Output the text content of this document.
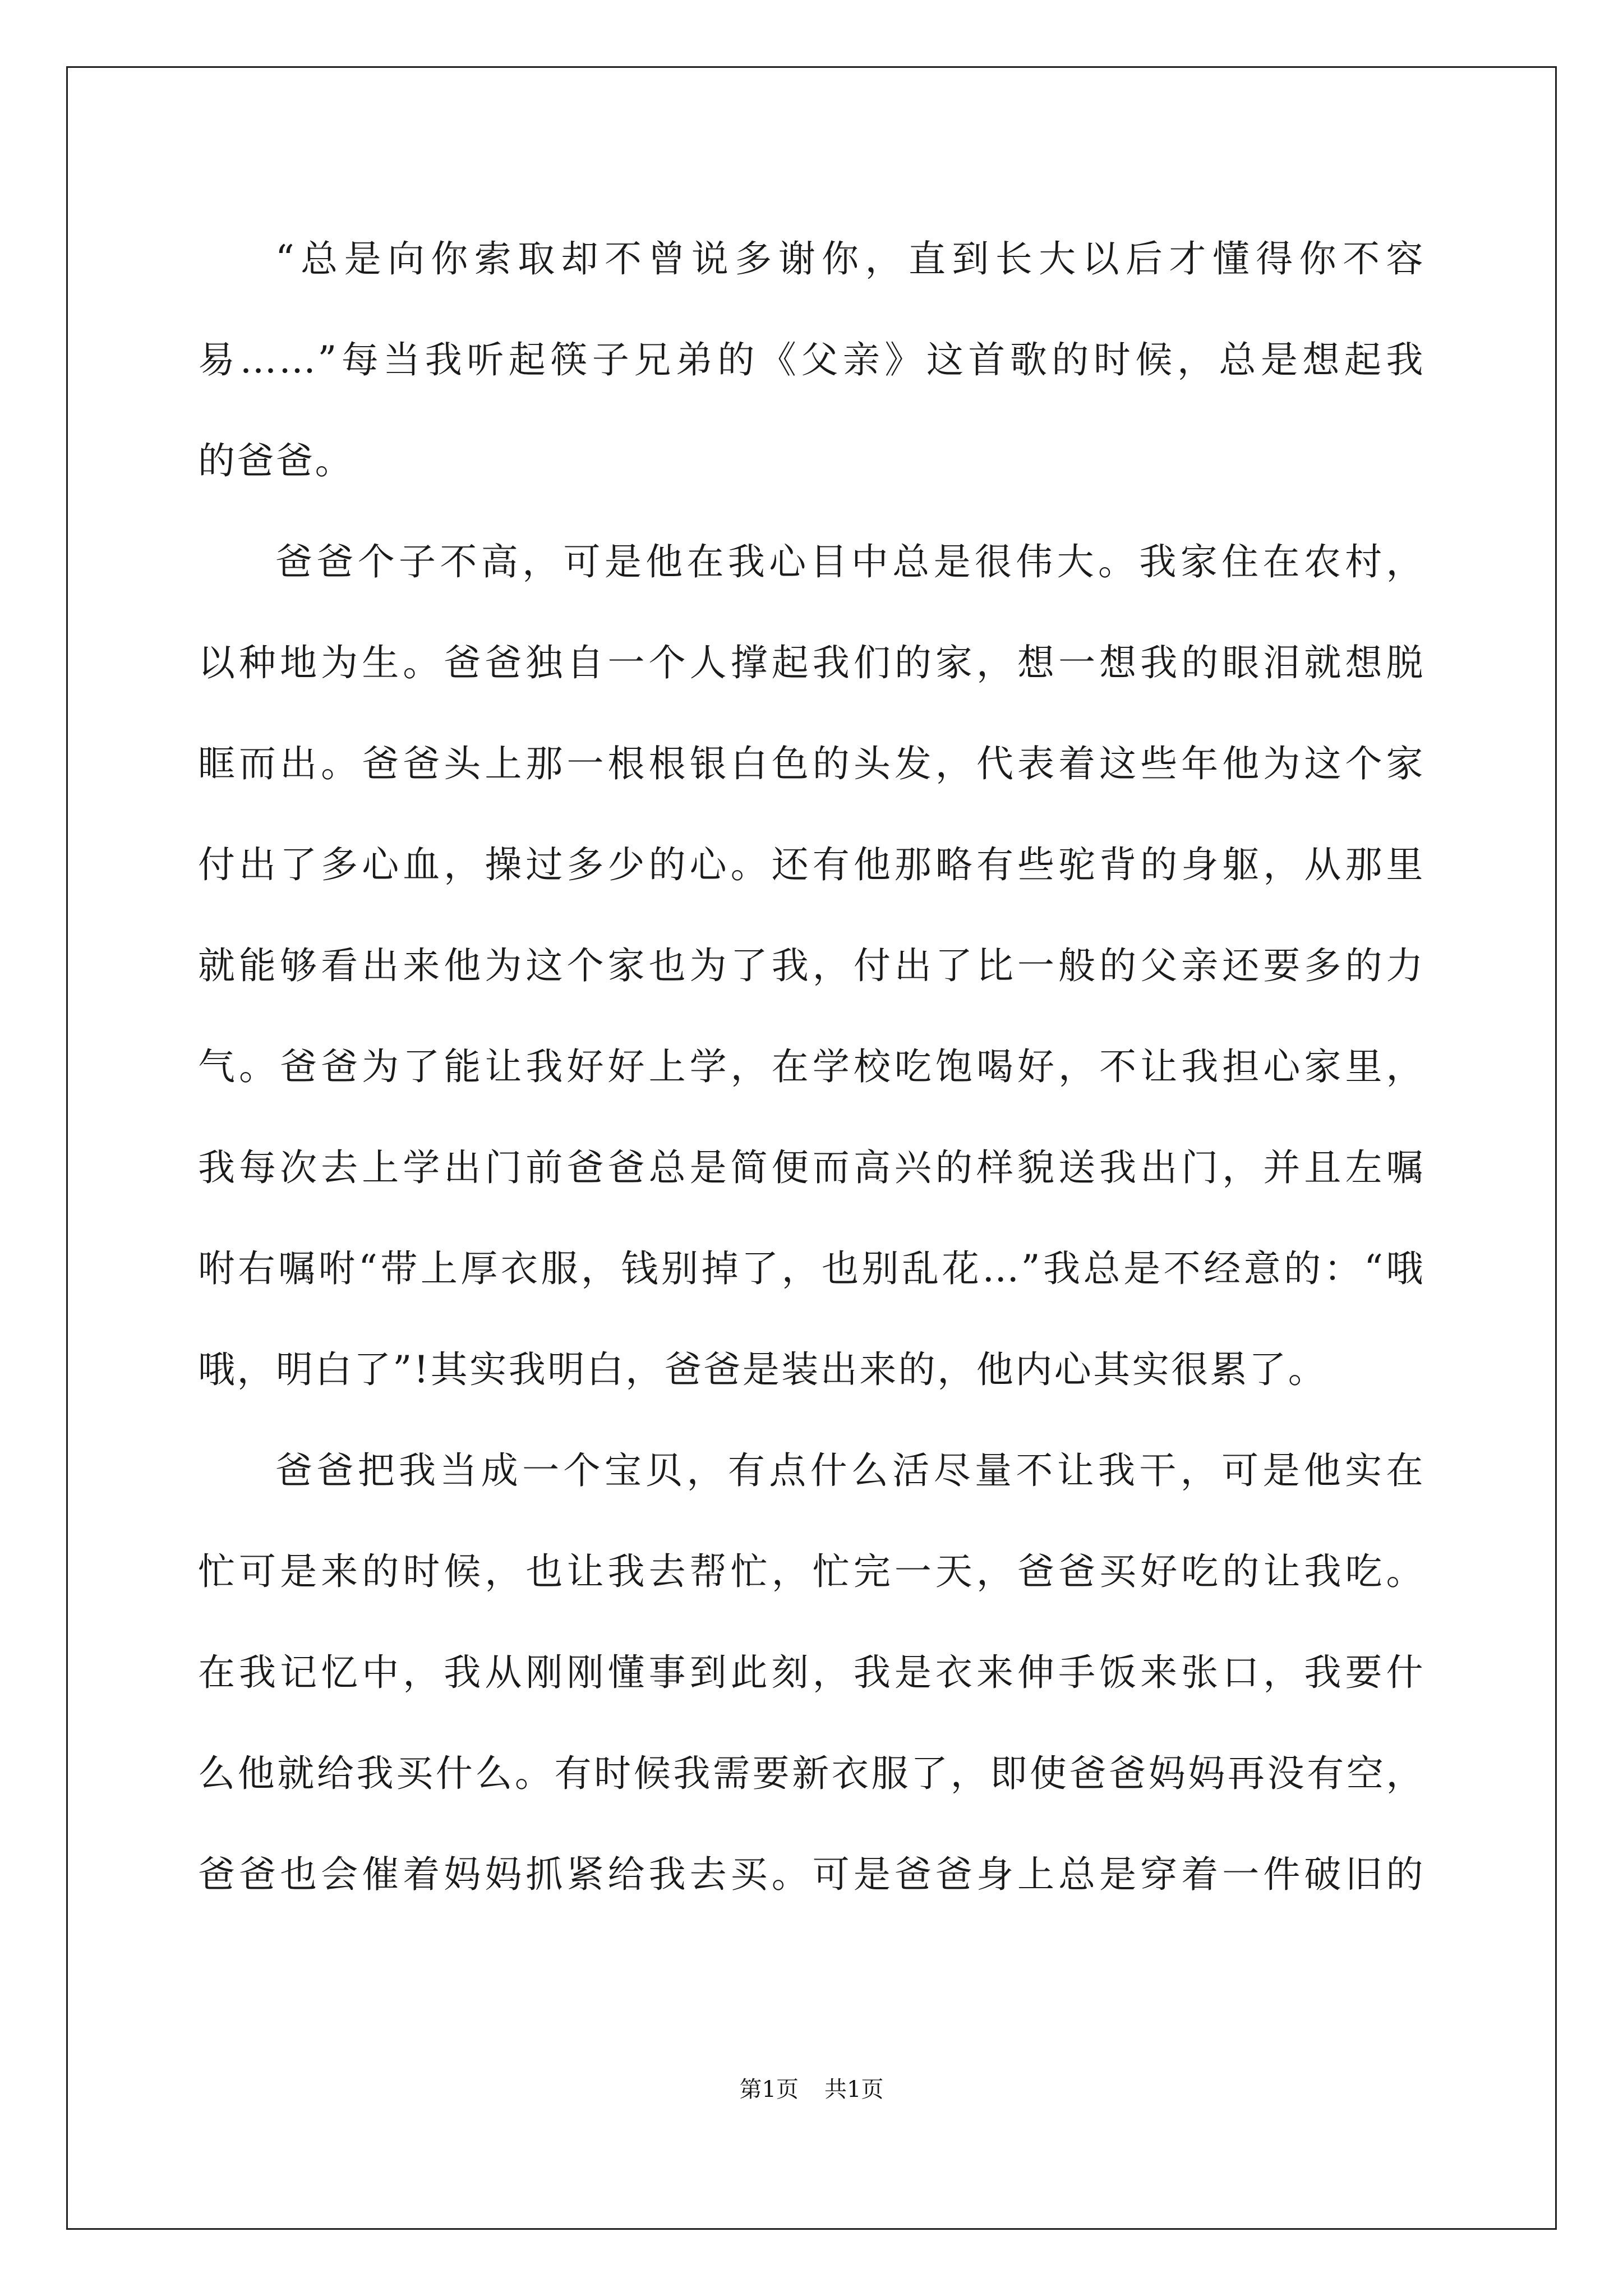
“总是向你索取却不曾说多谢你，直到长大以后才懂得你不容
易……”每当我听起筷子兄弟的《父亲》这首歌的时候，总是想起我
的爸爸。
爸爸个子不高，可是他在我心目中总是很伟大。我家住在农村，
以种地为生。爸爸独自一个人撑起我们的家，想一想我的眼泪就想脱
眶而出。爸爸头上那一根根银白色的头发，代表着这些年他为这个家
付出了多心血，操过多少的心。还有他那略有些驼背的身躯，从那里
就能够看出来他为这个家也为了我，付出了比一般的父亲还要多的力
气。爸爸为了能让我好好上学，在学校吃饱喝好，不让我担心家里，
我每次去上学出门前爸爸总是简便而高兴的样貌送我出门，并且左嘱
咐右嘱咐“带上厚衣服，钱别掉了，也别乱花…”我总是不经意的：“哦
哦，明白了”!其实我明白，爸爸是装出来的，他内心其实很累了。
爸爸把我当成一个宝贝，有点什么活尽量不让我干，可是他实在
忙可是来的时候，也让我去帮忙，忙完一天，爸爸买好吃的让我吃。
在我记忆中，我从刚刚懂事到此刻，我是衣来伸手饭来张口，我要什
么他就给我买什么。有时候我需要新衣服了，即使爸爸妈妈再没有空，
爸爸也会催着妈妈抓紧给我去买。可是爸爸身上总是穿着一件破旧的
第1页 共1页
